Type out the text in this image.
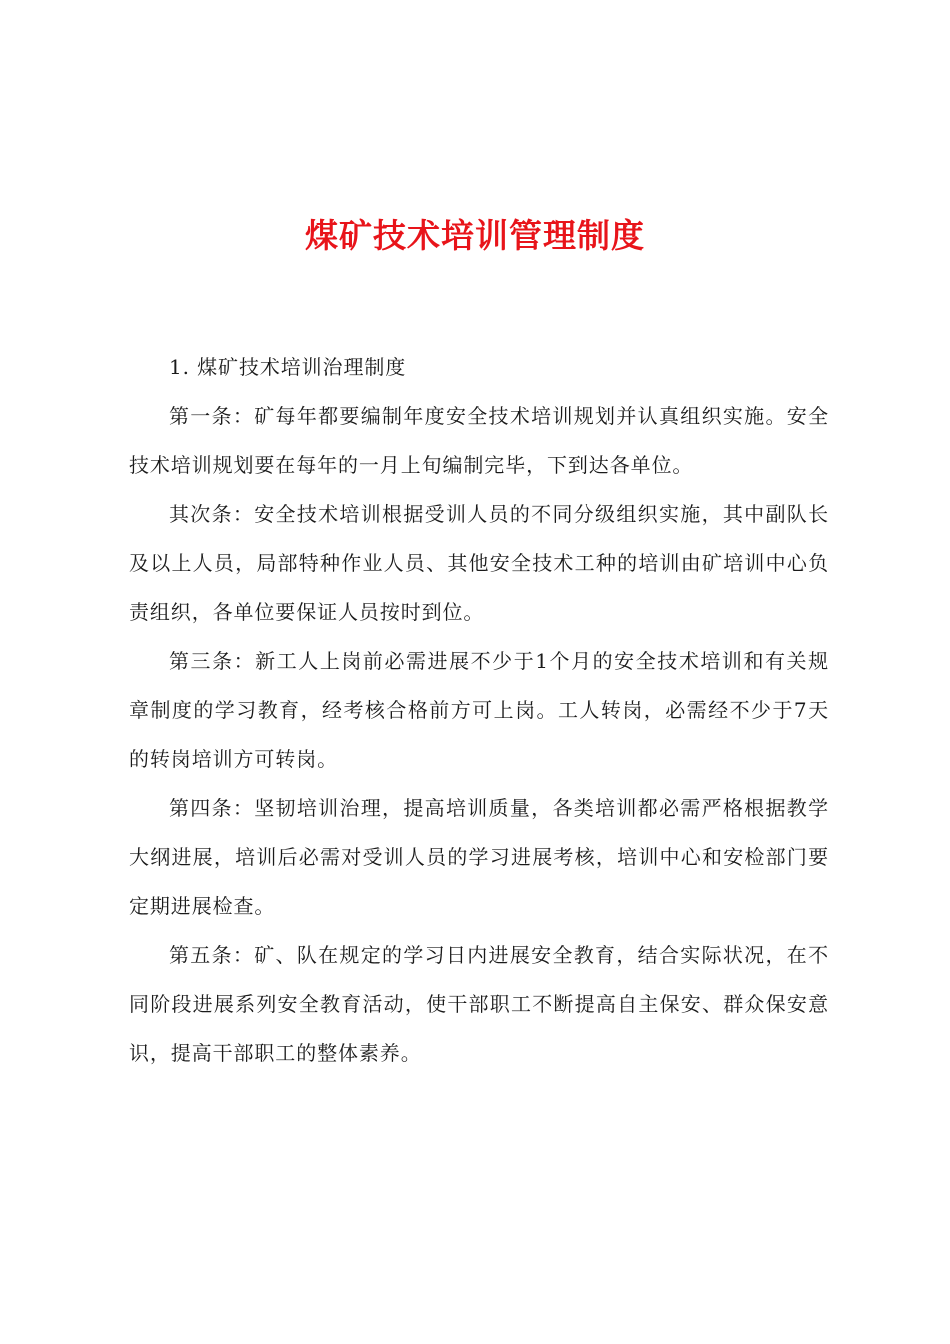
煤矿技术培训管理制度

1. 煤矿技术培训治理制度

第一条：矿每年都要编制年度安全技术培训规划并认真组织实施。安全技术培训规划要在每年的一月上旬编制完毕，下到达各单位。

其次条：安全技术培训根据受训人员的不同分级组织实施，其中副队长及以上人员，局部特种作业人员、其他安全技术工种的培训由矿培训中心负责组织，各单位要保证人员按时到位。

第三条：新工人上岗前必需进展不少于1个月的安全技术培训和有关规章制度的学习教育，经考核合格前方可上岗。工人转岗，必需经不少于7天的转岗培训方可转岗。

第四条：坚韧培训治理，提高培训质量，各类培训都必需严格根据教学大纲进展，培训后必需对受训人员的学习进展考核，培训中心和安检部门要定期进展检查。

第五条：矿、队在规定的学习日内进展安全教育，结合实际状况，在不同阶段进展系列安全教育活动，使干部职工不断提高自主保安、群众保安意识，提高干部职工的整体素养。
